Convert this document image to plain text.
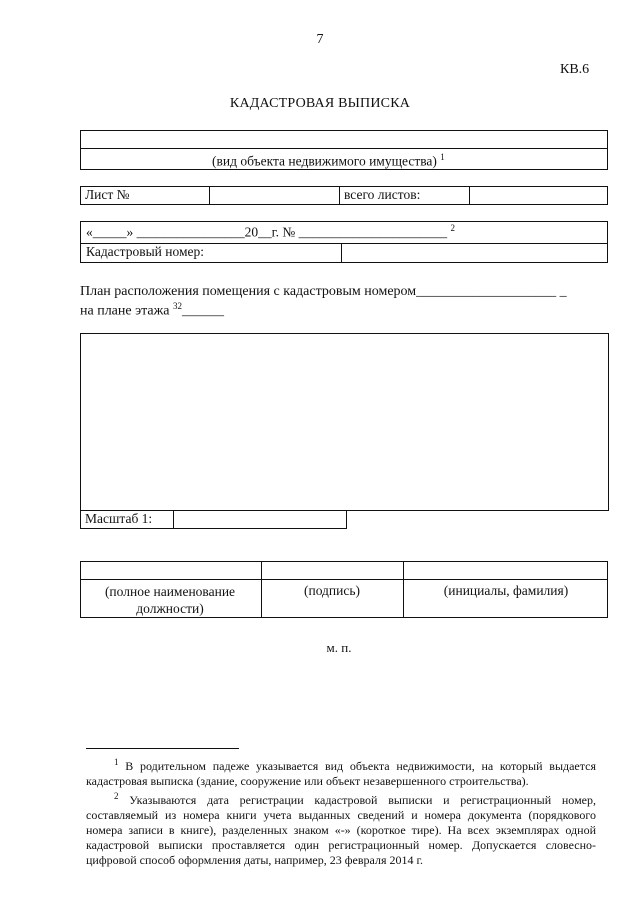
7
КВ.6
КАДАСТРОВАЯ ВЫПИСКА
(вид объекта недвижимого имущества) $^1$
Лист №	всего листов:
«_____» ________________20__г. № ______________________ $^2$
Кадастровый номер:
План расположения помещения с кадастровым номером____________________ _
на плане этажа $^{32}$______
Масштаб 1:
(полное наименование должности)
(подпись)	(инициалы, фамилия)
м. п.

$^1$ В родительном падеже указывается вид объекта недвижимости, на который выдается кадастровая выписка (здание, сооружение или объект незавершенного строительства).

$^2$ Указываются дата регистрации кадастровой выписки и регистрационный номер, составляемый из номера книги учета выданных сведений и номера документа (порядкового номера записи в книге), разделенных знаком «-» (короткое тире). На всех экземплярах одной кадастровой выписки проставляется один регистрационный номер. Допускается словесно-цифровой способ оформления даты, например, 23 февраля 2014 г.
